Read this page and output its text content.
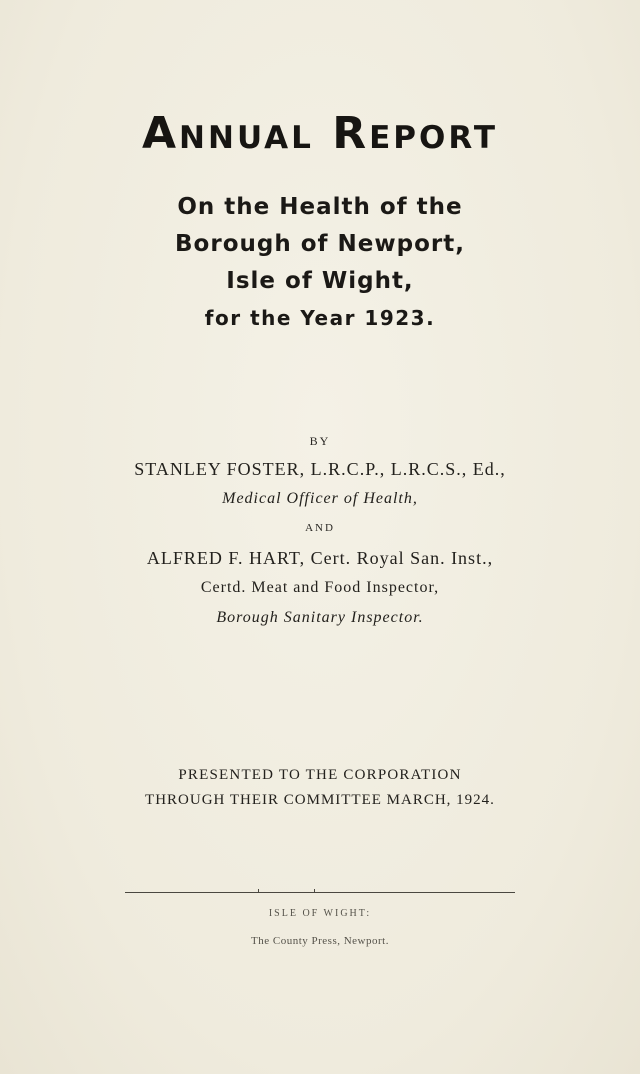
Annual Report
On the Health of the
Borough of Newport,
Isle of Wight,
for the Year 1923.
BY
STANLEY FOSTER, L.R.C.P., L.R.C.S., Ed.,
Medical Officer of Health,
AND
ALFRED F. HART, Cert. Royal San. Inst.,
Certd. Meat and Food Inspector,
Borough Sanitary Inspector.
PRESENTED TO THE CORPORATION
THROUGH THEIR COMMITTEE MARCH, 1924.
ISLE OF WIGHT:
The County Press, Newport.
